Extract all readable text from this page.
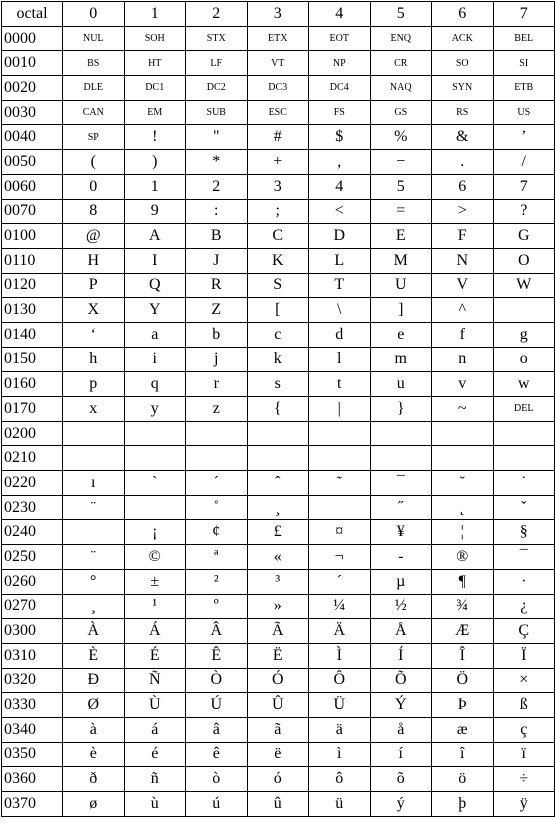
octal	0	1	2	3	4	5	6	7
0000	NUL	SOH	STX	ETX	EOT	ENQ	ACK	BEL
0010	BS	HT	LF	VT	NP	CR	SO	SI
0020	DLE	DC1	DC2	DC3	DC4	NAQ	SYN	ETB
0030	CAN	EM	SUB	ESC	FS	GS	RS	US
0040	SP	!	"	#	$	%	&	’
0050	(	)	*	+	,	−	.	/
0060	0	1	2	3	4	5	6	7
0070	8	9	:	;	<	=	>	?
0100	@	A	B	C	D	E	F	G
0110	H	I	J	K	L	M	N	O
0120	P	Q	R	S	T	U	V	W
0130	X	Y	Z	[	\	]	^	
0140	‘	a	b	c	d	e	f	g
0150	h	i	j	k	l	m	n	o
0160	p	q	r	s	t	u	v	w
0170	x	y	z	{	|	}	~	DEL
0200								
0210								
0220	ı	`	´	ˆ	˜	¯	˘	˙
0230	¨		˚	¸		˝	˛	ˇ
0240		¡	¢	£	¤	¥	¦	§
0250	¨	©	ª	«	¬	-	®	¯
0260	°	±	²	³	´	µ	¶	·
0270	¸	¹	º	»	¼	½	¾	¿
0300	À	Á	Â	Ã	Ä	Å	Æ	Ç
0310	È	É	Ê	Ë	Ì	Í	Î	Ï
0320	Ð	Ñ	Ò	Ó	Ô	Õ	Ö	×
0330	Ø	Ù	Ú	Û	Ü	Ý	Þ	ß
0340	à	á	â	ã	ä	å	æ	ç
0350	è	é	ê	ë	ì	í	î	ï
0360	ð	ñ	ò	ó	ô	õ	ö	÷
0370	ø	ù	ú	û	ü	ý	þ	ÿ
